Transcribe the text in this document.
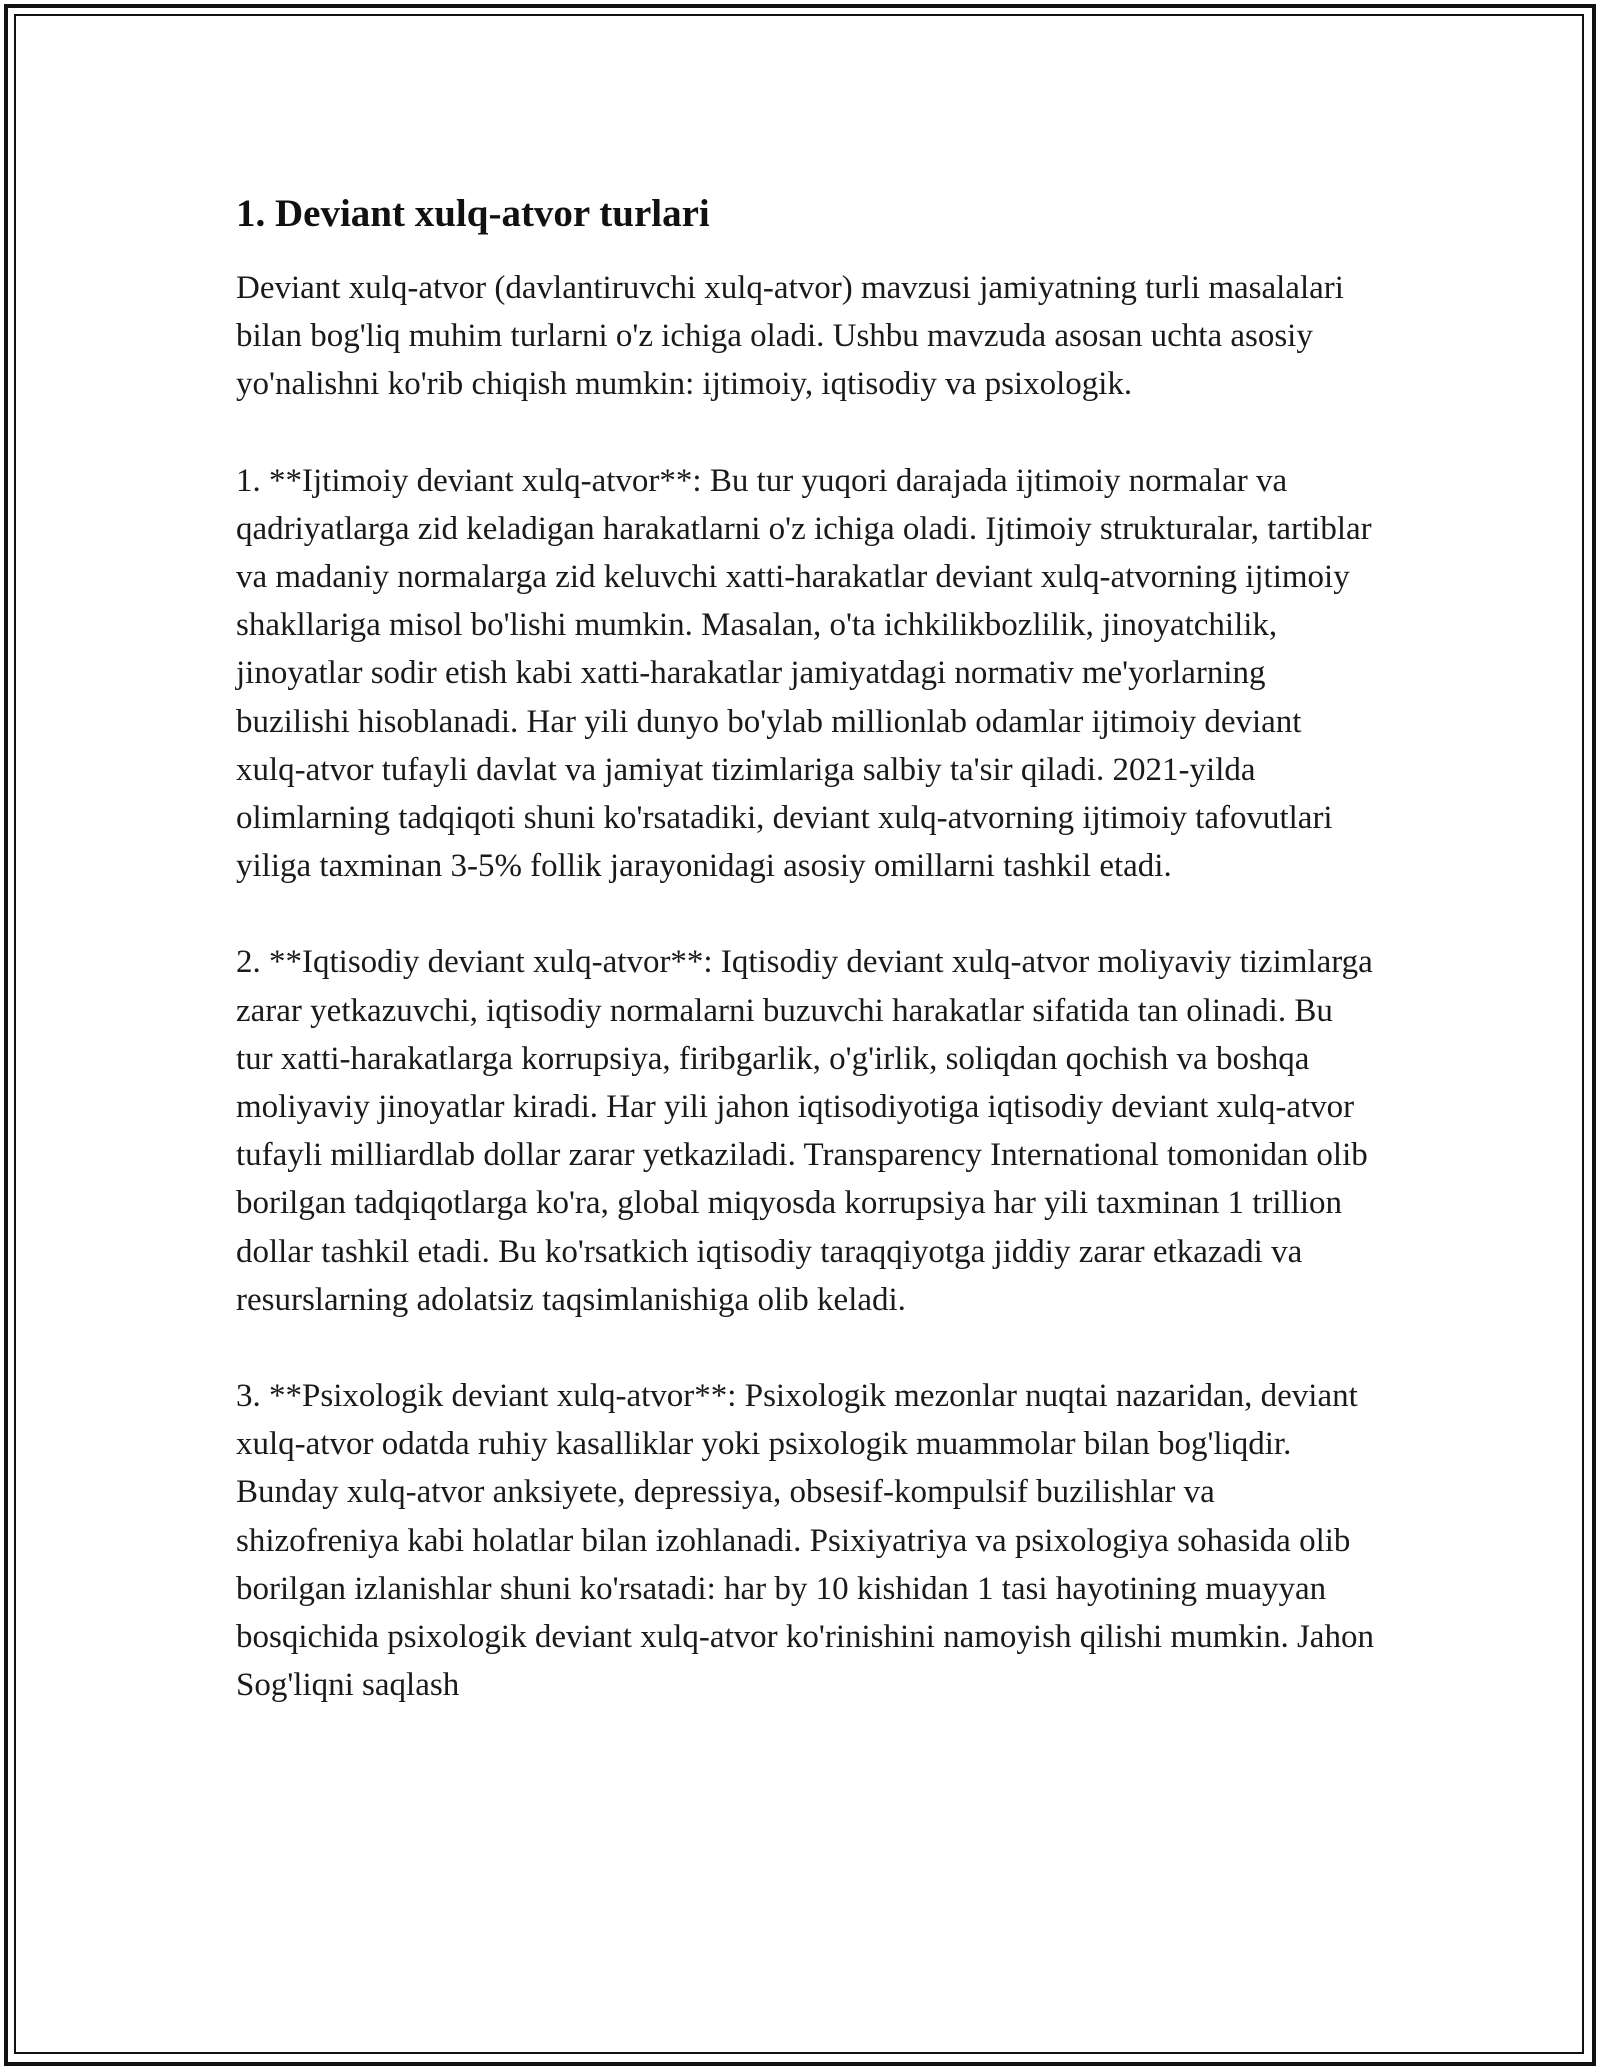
1. Deviant xulq-atvor turlari

Deviant xulq-atvor (davlantiruvchi xulq-atvor) mavzusi jamiyatning turli masalalari bilan bog'liq muhim turlarni o'z ichiga oladi. Ushbu mavzuda asosan uchta asosiy yo'nalishni ko'rib chiqish mumkin: ijtimoiy, iqtisodiy va psixologik.

1. **Ijtimoiy deviant xulq-atvor**: Bu tur yuqori darajada ijtimoiy normalar va qadriyatlarga zid keladigan harakatlarni o'z ichiga oladi. Ijtimoiy strukturalar, tartiblar va madaniy normalarga zid keluvchi xatti-harakatlar deviant xulq-atvorning ijtimoiy shakllariga misol bo'lishi mumkin. Masalan, o'ta ichkilikbozlilik, jinoyatchilik, jinoyatlar sodir etish kabi xatti-harakatlar jamiyatdagi normativ me'yorlarning buzilishi hisoblanadi. Har yili dunyo bo'ylab millionlab odamlar ijtimoiy deviant xulq-atvor tufayli davlat va jamiyat tizimlariga salbiy ta'sir qiladi. 2021-yilda olimlarning tadqiqoti shuni ko'rsatadiki, deviant xulq-atvorning ijtimoiy tafovutlari yiliga taxminan 3-5% follik jarayonidagi asosiy omillarni tashkil etadi.

2. **Iqtisodiy deviant xulq-atvor**: Iqtisodiy deviant xulq-atvor moliyaviy tizimlarga zarar yetkazuvchi, iqtisodiy normalarni buzuvchi harakatlar sifatida tan olinadi. Bu tur xatti-harakatlarga korrupsiya, firibgarlik, o'g'irlik, soliqdan qochish va boshqa moliyaviy jinoyatlar kiradi. Har yili jahon iqtisodiyotiga iqtisodiy deviant xulq-atvor tufayli milliardlab dollar zarar yetkaziladi. Transparency International tomonidan olib borilgan tadqiqotlarga ko'ra, global miqyosda korrupsiya har yili taxminan 1 trillion dollar tashkil etadi. Bu ko'rsatkich iqtisodiy taraqqiyotga jiddiy zarar etkazadi va resurslarning adolatsiz taqsimlanishiga olib keladi.

3. **Psixologik deviant xulq-atvor**: Psixologik mezonlar nuqtai nazaridan, deviant xulq-atvor odatda ruhiy kasalliklar yoki psixologik muammolar bilan bog'liqdir. Bunday xulq-atvor anksiyete, depressiya, obsesif-kompulsif buzilishlar va shizofreniya kabi holatlar bilan izohlanadi. Psixiyatriya va psixologiya sohasida olib borilgan izlanishlar shuni ko'rsatadi: har by 10 kishidan 1 tasi hayotining muayyan bosqichida psixologik deviant xulq-atvor ko'rinishini namoyish qilishi mumkin. Jahon Sog'liqni saqlash
